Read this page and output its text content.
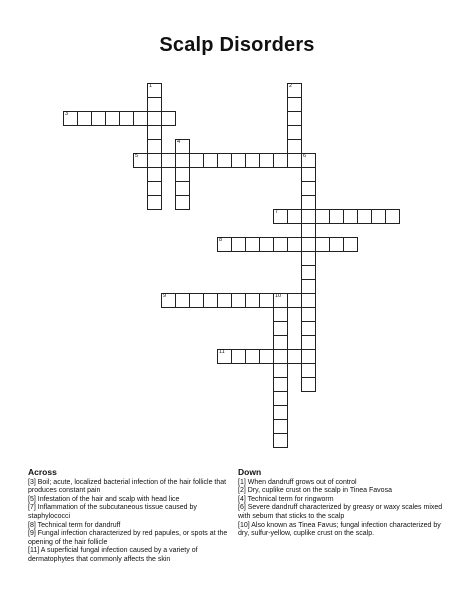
Scalp Disorders
1	2
3
4
5	6
7
8
9	10
11
Across

[3] Boil; acute, localized bacterial infection of the hair follicle that produces constant pain

[5] Infestation of the hair and scalp with head lice

[7] Inflammation of the subcutaneous tissue caused by staphylococci

[8] Technical term for dandruff

[9] Fungal infection characterized by red papules, or spots at the opening of the hair follicle

[11] A superficial fungal infection caused by a variety of dermatophytes that commonly affects the skin

Down

[1] When dandruff grows out of control

[2] Dry, cuplike crust on the scalp in Tinea Favosa

[4] Technical term for ringworm

[6] Severe dandruff characterized by greasy or waxy scales mixed with sebum that sticks to the scalp

[10] Also known as Tinea Favus; fungal infection characterized by dry, sulfur-yellow, cuplike crust on the scalp.
